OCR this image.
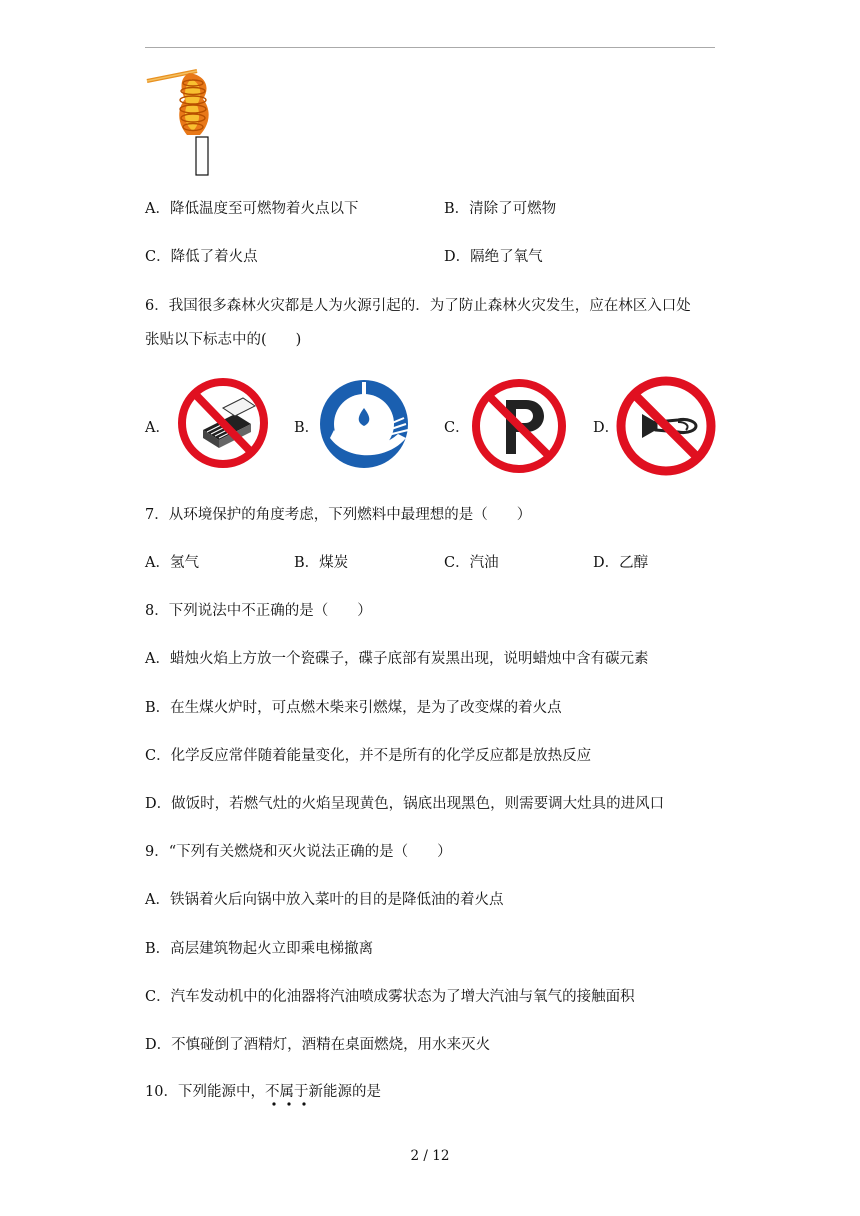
A．降低温度至可燃物着火点以下	B．清除了可燃物
C．降低了着火点	D．隔绝了氧气
6．我国很多森林火灾都是人为火源引起的．为了防止森林火灾发生，应在林区入口处
张贴以下标志中的(　　)
A．	B．	C．	D．
7．从环境保护的角度考虑，下列燃料中最理想的是（　　）
A．氢气	B．煤炭	C．汽油	D．乙醇
8．下列说法中不正确的是（　　）
A．蜡烛火焰上方放一个瓷碟子，碟子底部有炭黑出现，说明蜡烛中含有碳元素
B．在生煤火炉时，可点燃木柴来引燃煤，是为了改变煤的着火点
C．化学反应常伴随着能量变化，并不是所有的化学反应都是放热反应
D．做饭时，若燃气灶的火焰呈现黄色，锅底出现黑色，则需要调大灶具的进风口
9．“下列有关燃烧和灭火说法正确的是（　　）
A．铁锅着火后向锅中放入菜叶的目的是降低油的着火点
B．高层建筑物起火立即乘电梯撤离
C．汽车发动机中的化油器将汽油喷成雾状态为了增大汽油与氧气的接触面积
D．不慎碰倒了酒精灯，酒精在桌面燃烧，用水来灭火
10．下列能源中，不属于新能源的是
2 / 12
